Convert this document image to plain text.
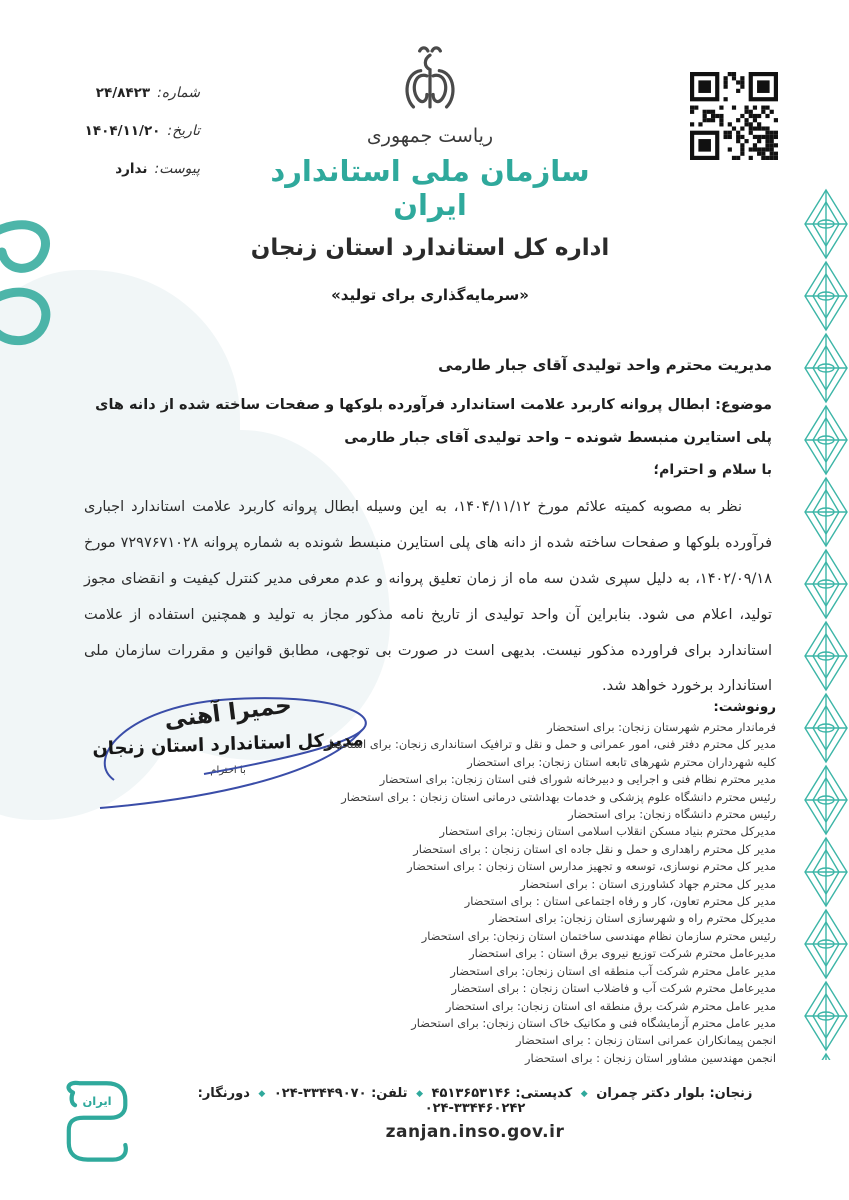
شماره:
۲۴/۸۴۲۳
تاریخ:
۱۴۰۴/۱۱/۲۰
پیوست:
ندارد
ریاست جمهوری
سازمان ملی استاندارد ایران
اداره کل استاندارد استان زنجان
«سرمایه‌گذاری برای تولید»
مدیریت محترم واحد تولیدی آقای جبار طارمی
موضوع: ابطال پروانه کاربرد علامت استاندارد فرآورده بلوکها و صفحات ساخته شده از دانه های پلی استایرن منبسط شونده – واحد تولیدی آقای جبار طارمی
با سلام و احترام؛
نظر به مصوبه کمیته علائم مورخ ۱۴۰۴/۱۱/۱۲، به این وسیله ابطال پروانه کاربرد علامت استاندارد اجباری فرآورده بلوکها و صفحات ساخته شده از دانه های پلی استایرن منبسط شونده به شماره پروانه ۷۲۹۷۶۷۱۰۲۸ مورخ ۱۴۰۲/۰۹/۱۸، به دلیل سپری شدن سه ماه از زمان تعلیق پروانه و عدم معرفی مدیر کنترل کیفیت و انقضای مجوز تولید، اعلام می شود. بنابراین آن واحد تولیدی از تاریخ نامه مذکور مجاز به تولید و همچنین استفاده از علامت استاندارد برای فراورده مذکور نیست. بدیهی است در صورت بی توجهی، مطابق قوانین و مقررات سازمان ملی استاندارد برخورد خواهد شد.
حمیرا آهنی
مدیرکل استاندارد استان زنجان
با احترام
رونوشت:
فرماندار محترم شهرستان زنجان: برای استحضار
مدیر کل محترم دفتر فنی، امور عمرانی و حمل و نقل و ترافیک استانداری زنجان: برای استحضار
کلیه شهرداران محترم شهرهای تابعه استان زنجان: برای استحضار
مدیر محترم نظام فنی و اجرایی و دبیرخانه شورای فنی استان زنجان: برای استحضار
رئیس محترم دانشگاه علوم پزشکی و خدمات بهداشتی درمانی استان زنجان : برای استحضار
رئیس محترم دانشگاه زنجان: برای استحضار
مدیرکل محترم بنیاد مسکن انقلاب اسلامی استان زنجان: برای استحضار
مدیر کل محترم راهداری و حمل و نقل جاده ای استان زنجان : برای استحضار
مدیر کل محترم نوسازی، توسعه و تجهیز مدارس استان زنجان : برای استحضار
مدیر کل محترم جهاد کشاورزی استان : برای استحضار
مدیر کل محترم تعاون، کار و رفاه اجتماعی استان : برای استحضار
مدیرکل محترم راه و شهرسازی استان زنجان: برای استحضار
رئیس محترم سازمان نظام مهندسی ساختمان استان زنجان: برای استحضار
مدیرعامل محترم شرکت توزیع نیروی برق استان : برای استحضار
مدیر عامل محترم شرکت آب منطقه ای استان زنجان: برای استحضار
مدیرعامل محترم شرکت آب و فاضلاب استان زنجان : برای استحضار
مدیر عامل محترم شرکت برق منطقه ای استان زنجان: برای استحضار
مدیر عامل محترم آزمایشگاه فنی و مکانیک خاک استان زنجان: برای استحضار
انجمن پیمانکاران عمرانی استان زنجان : برای استحضار
انجمن مهندسین مشاور استان زنجان : برای استحضار
زنجان: بلوار دکتر چمران ◆ کدپستی: ۴۵۱۳۶۵۳۱۴۶ ◆ تلفن: ۰۲۴-۳۳۴۴۹۰۷۰ ◆ دورنگار: ۰۲۴-۳۳۴۴۶۰۲۴۲
zanjan.inso.gov.ir
ایران
